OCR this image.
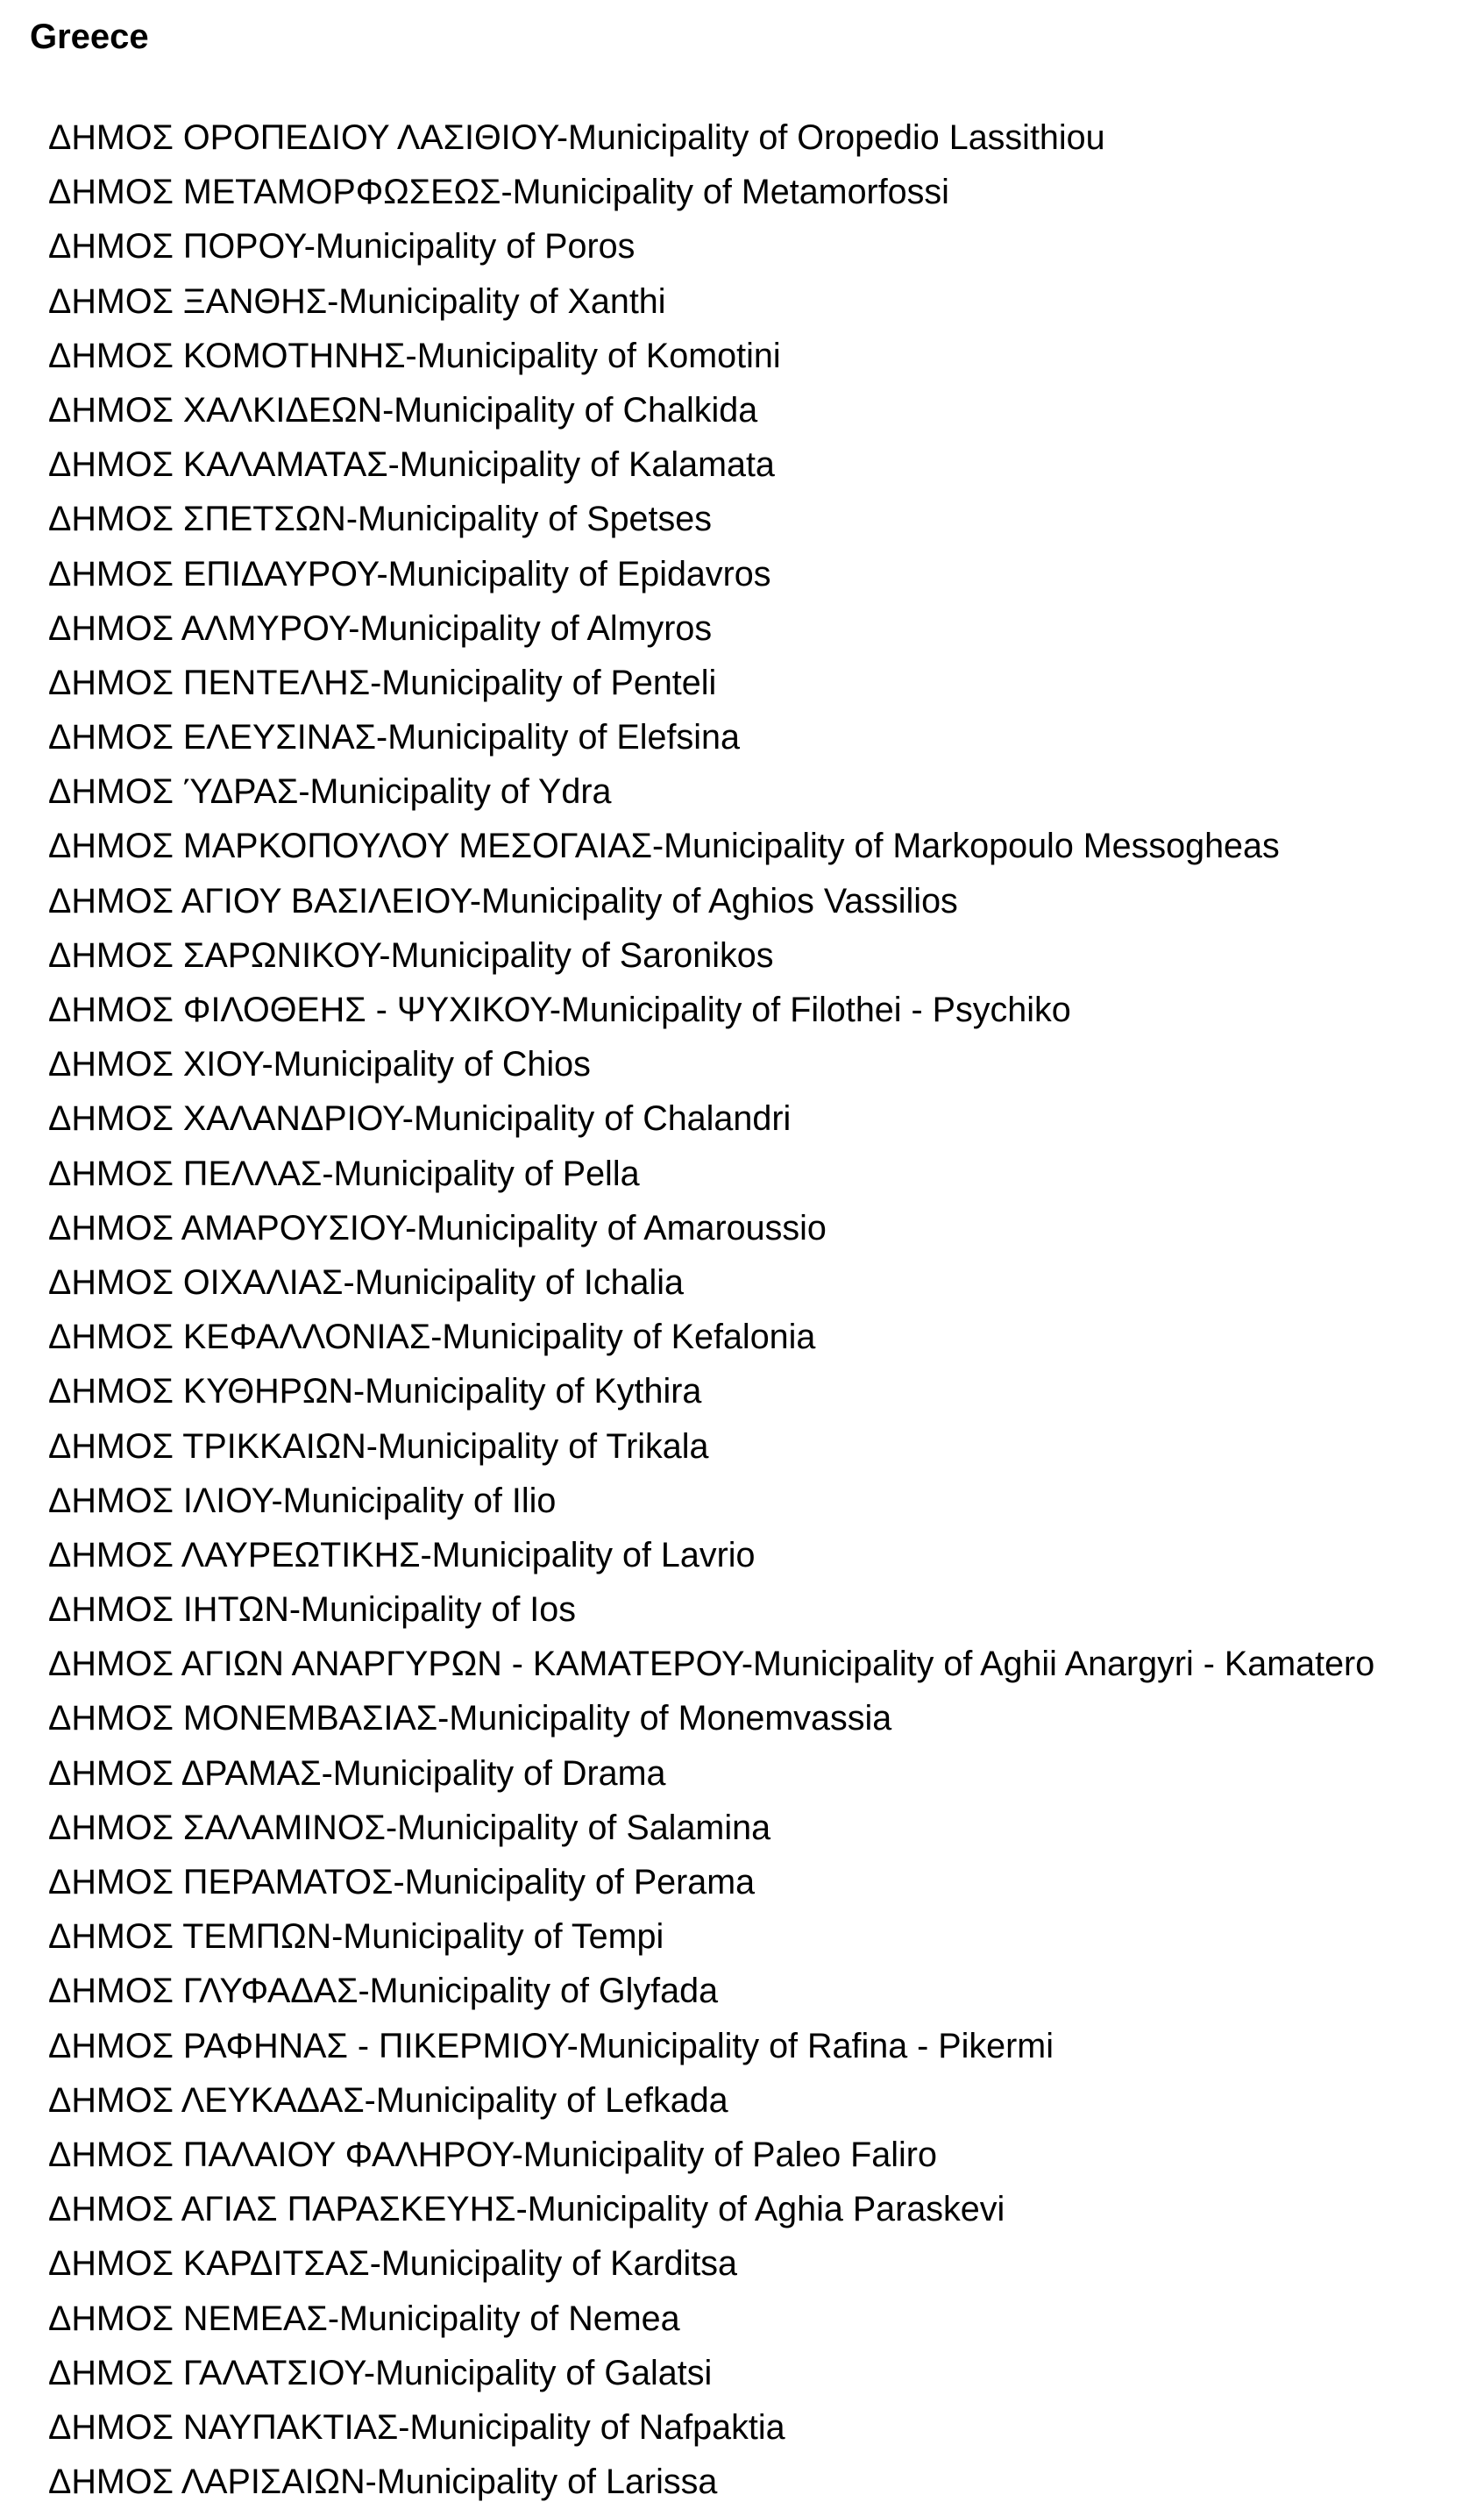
Greece
ΔΗΜΟΣ ΟΡΟΠΕΔΙΟΥ ΛΑΣΙΘΙΟΥ-Municipality of Oropedio Lassithiou
ΔΗΜΟΣ ΜΕΤΑΜΟΡΦΩΣΕΩΣ-Municipality of Metamorfossi
ΔΗΜΟΣ ΠΟΡΟΥ-Municipality of Poros
ΔΗΜΟΣ ΞΑΝΘΗΣ-Municipality of Xanthi
ΔΗΜΟΣ ΚΟΜΟΤΗΝΗΣ-Municipality of Komotini
ΔΗΜΟΣ ΧΑΛΚΙΔΕΩΝ-Municipality of Chalkida
ΔΗΜΟΣ ΚΑΛΑΜΑΤΑΣ-Municipality of Kalamata
ΔΗΜΟΣ ΣΠΕΤΣΩΝ-Municipality of Spetses
ΔΗΜΟΣ ΕΠΙΔΑΥΡΟΥ-Municipality of Epidavros
ΔΗΜΟΣ ΑΛΜΥΡΟΥ-Municipality of Almyros
ΔΗΜΟΣ ΠΕΝΤΕΛΗΣ-Municipality of Penteli
ΔΗΜΟΣ ΕΛΕΥΣΙΝΑΣ-Municipality of Elefsina
ΔΗΜΟΣ ΎΔΡΑΣ-Municipality of Ydra
ΔΗΜΟΣ ΜΑΡΚΟΠΟΥΛΟΥ ΜΕΣΟΓΑΙΑΣ-Municipality of Markopoulo Messogheas
ΔΗΜΟΣ ΑΓΙΟΥ ΒΑΣΙΛΕΙΟΥ-Municipality of Aghios Vassilios
ΔΗΜΟΣ ΣΑΡΩΝΙΚΟΥ-Municipality of Saronikos
ΔΗΜΟΣ ΦΙΛΟΘΕΗΣ - ΨΥΧΙΚΟΥ-Municipality of Filothei - Psychiko
ΔΗΜΟΣ ΧΙΟΥ-Municipality of Chios
ΔΗΜΟΣ ΧΑΛΑΝΔΡΙΟΥ-Municipality of Chalandri
ΔΗΜΟΣ ΠΕΛΛΑΣ-Municipality of Pella
ΔΗΜΟΣ ΑΜΑΡΟΥΣΙΟΥ-Municipality of Amaroussio
ΔΗΜΟΣ ΟΙΧΑΛΙΑΣ-Municipality of Ichalia
ΔΗΜΟΣ ΚΕΦΑΛΛΟΝΙΑΣ-Municipality of Kefalonia
ΔΗΜΟΣ ΚΥΘΗΡΩΝ-Municipality of Kythira
ΔΗΜΟΣ ΤΡΙΚΚΑΙΩΝ-Municipality of Trikala
ΔΗΜΟΣ ΙΛΙΟΥ-Municipality of Ilio
ΔΗΜΟΣ ΛΑΥΡΕΩΤΙΚΗΣ-Municipality of Lavrio
ΔΗΜΟΣ ΙΗΤΩΝ-Municipality of Ios
ΔΗΜΟΣ ΑΓΙΩΝ ΑΝΑΡΓΥΡΩΝ - ΚΑΜΑΤΕΡΟΥ-Municipality of Aghii Anargyri - Kamatero
ΔΗΜΟΣ ΜΟΝΕΜΒΑΣΙΑΣ-Municipality of Monemvassia
ΔΗΜΟΣ ΔΡΑΜΑΣ-Municipality of Drama
ΔΗΜΟΣ ΣΑΛΑΜΙΝΟΣ-Municipality of Salamina
ΔΗΜΟΣ ΠΕΡΑΜΑΤΟΣ-Municipality of Perama
ΔΗΜΟΣ ΤΕΜΠΩΝ-Municipality of Tempi
ΔΗΜΟΣ ΓΛΥΦΑΔΑΣ-Municipality of Glyfada
ΔΗΜΟΣ ΡΑΦΗΝΑΣ - ΠΙΚΕΡΜΙΟΥ-Municipality of Rafina - Pikermi
ΔΗΜΟΣ ΛΕΥΚΑΔΑΣ-Municipality of Lefkada
ΔΗΜΟΣ ΠΑΛΑΙΟΥ ΦΑΛΗΡΟΥ-Municipality of Paleo Faliro
ΔΗΜΟΣ ΑΓΙΑΣ ΠΑΡΑΣΚΕΥΗΣ-Municipality of Aghia Paraskevi
ΔΗΜΟΣ ΚΑΡΔΙΤΣΑΣ-Municipality of Karditsa
ΔΗΜΟΣ ΝΕΜΕΑΣ-Municipality of Nemea
ΔΗΜΟΣ ΓΑΛΑΤΣΙΟΥ-Municipality of Galatsi
ΔΗΜΟΣ ΝΑΥΠΑΚΤΙΑΣ-Municipality of Nafpaktia
ΔΗΜΟΣ ΛΑΡΙΣΑΙΩΝ-Municipality of Larissa
